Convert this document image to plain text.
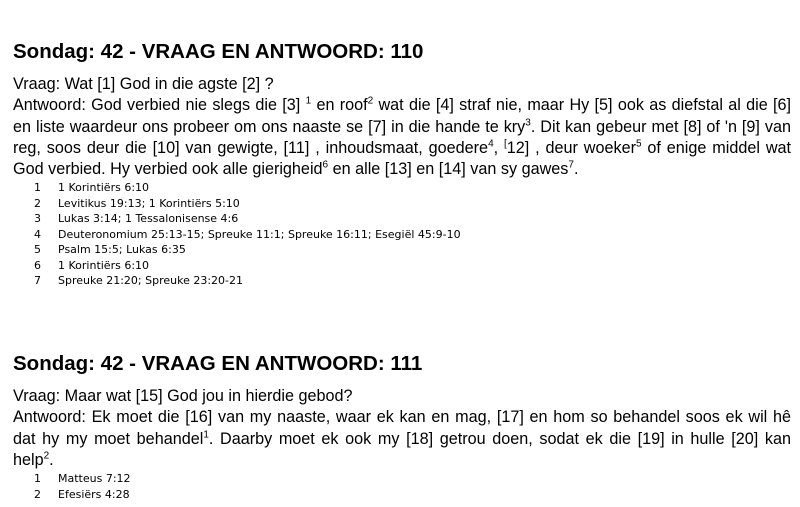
Sondag: 42 - VRAAG EN ANTWOORD: 110

Vraag: Wat [1] God in die agste [2] ?

Antwoord: God verbied nie slegs die [3] $^1$ en roof$^2$ wat die [4] straf nie, maar Hy [5] ook as diefstal al die [6] en liste waardeur ons probeer om ons naaste se [7] in die hande te kry$^3$. Dit kan gebeur met [8] of 'n [9] van reg, soos deur die [10] van gewigte, [11] , inhoudsmaat, goedere$^4$, [12] , deur woeker$^5$ of enige middel wat God verbied. Hy verbied ook alle gierigheid$^6$ en alle [13] en [14] van sy gawes$^7$.

1 1 Korintiërs 6:10
2 Levitikus 19:13; 1 Korintiërs 5:10
3 Lukas 3:14; 1 Tessalonisense 4:6
4 Deuteronomium 25:13-15; Spreuke 11:1; Spreuke 16:11; Esegiël 45:9-10
5 Psalm 15:5; Lukas 6:35
6 1 Korintiërs 6:10
7 Spreuke 21:20; Spreuke 23:20-21
Sondag: 42 - VRAAG EN ANTWOORD: 111

Vraag: Maar wat [15] God jou in hierdie gebod?

Antwoord: Ek moet die [16] van my naaste, waar ek kan en mag, [17] en hom so behandel soos ek wil hê dat hy my moet behandel$^1$. Daarby moet ek ook my [18] getrou doen, sodat ek die [19] in hulle [20] kan help$^2$.

1 Matteus 7:12
2 Efesiërs 4:28
